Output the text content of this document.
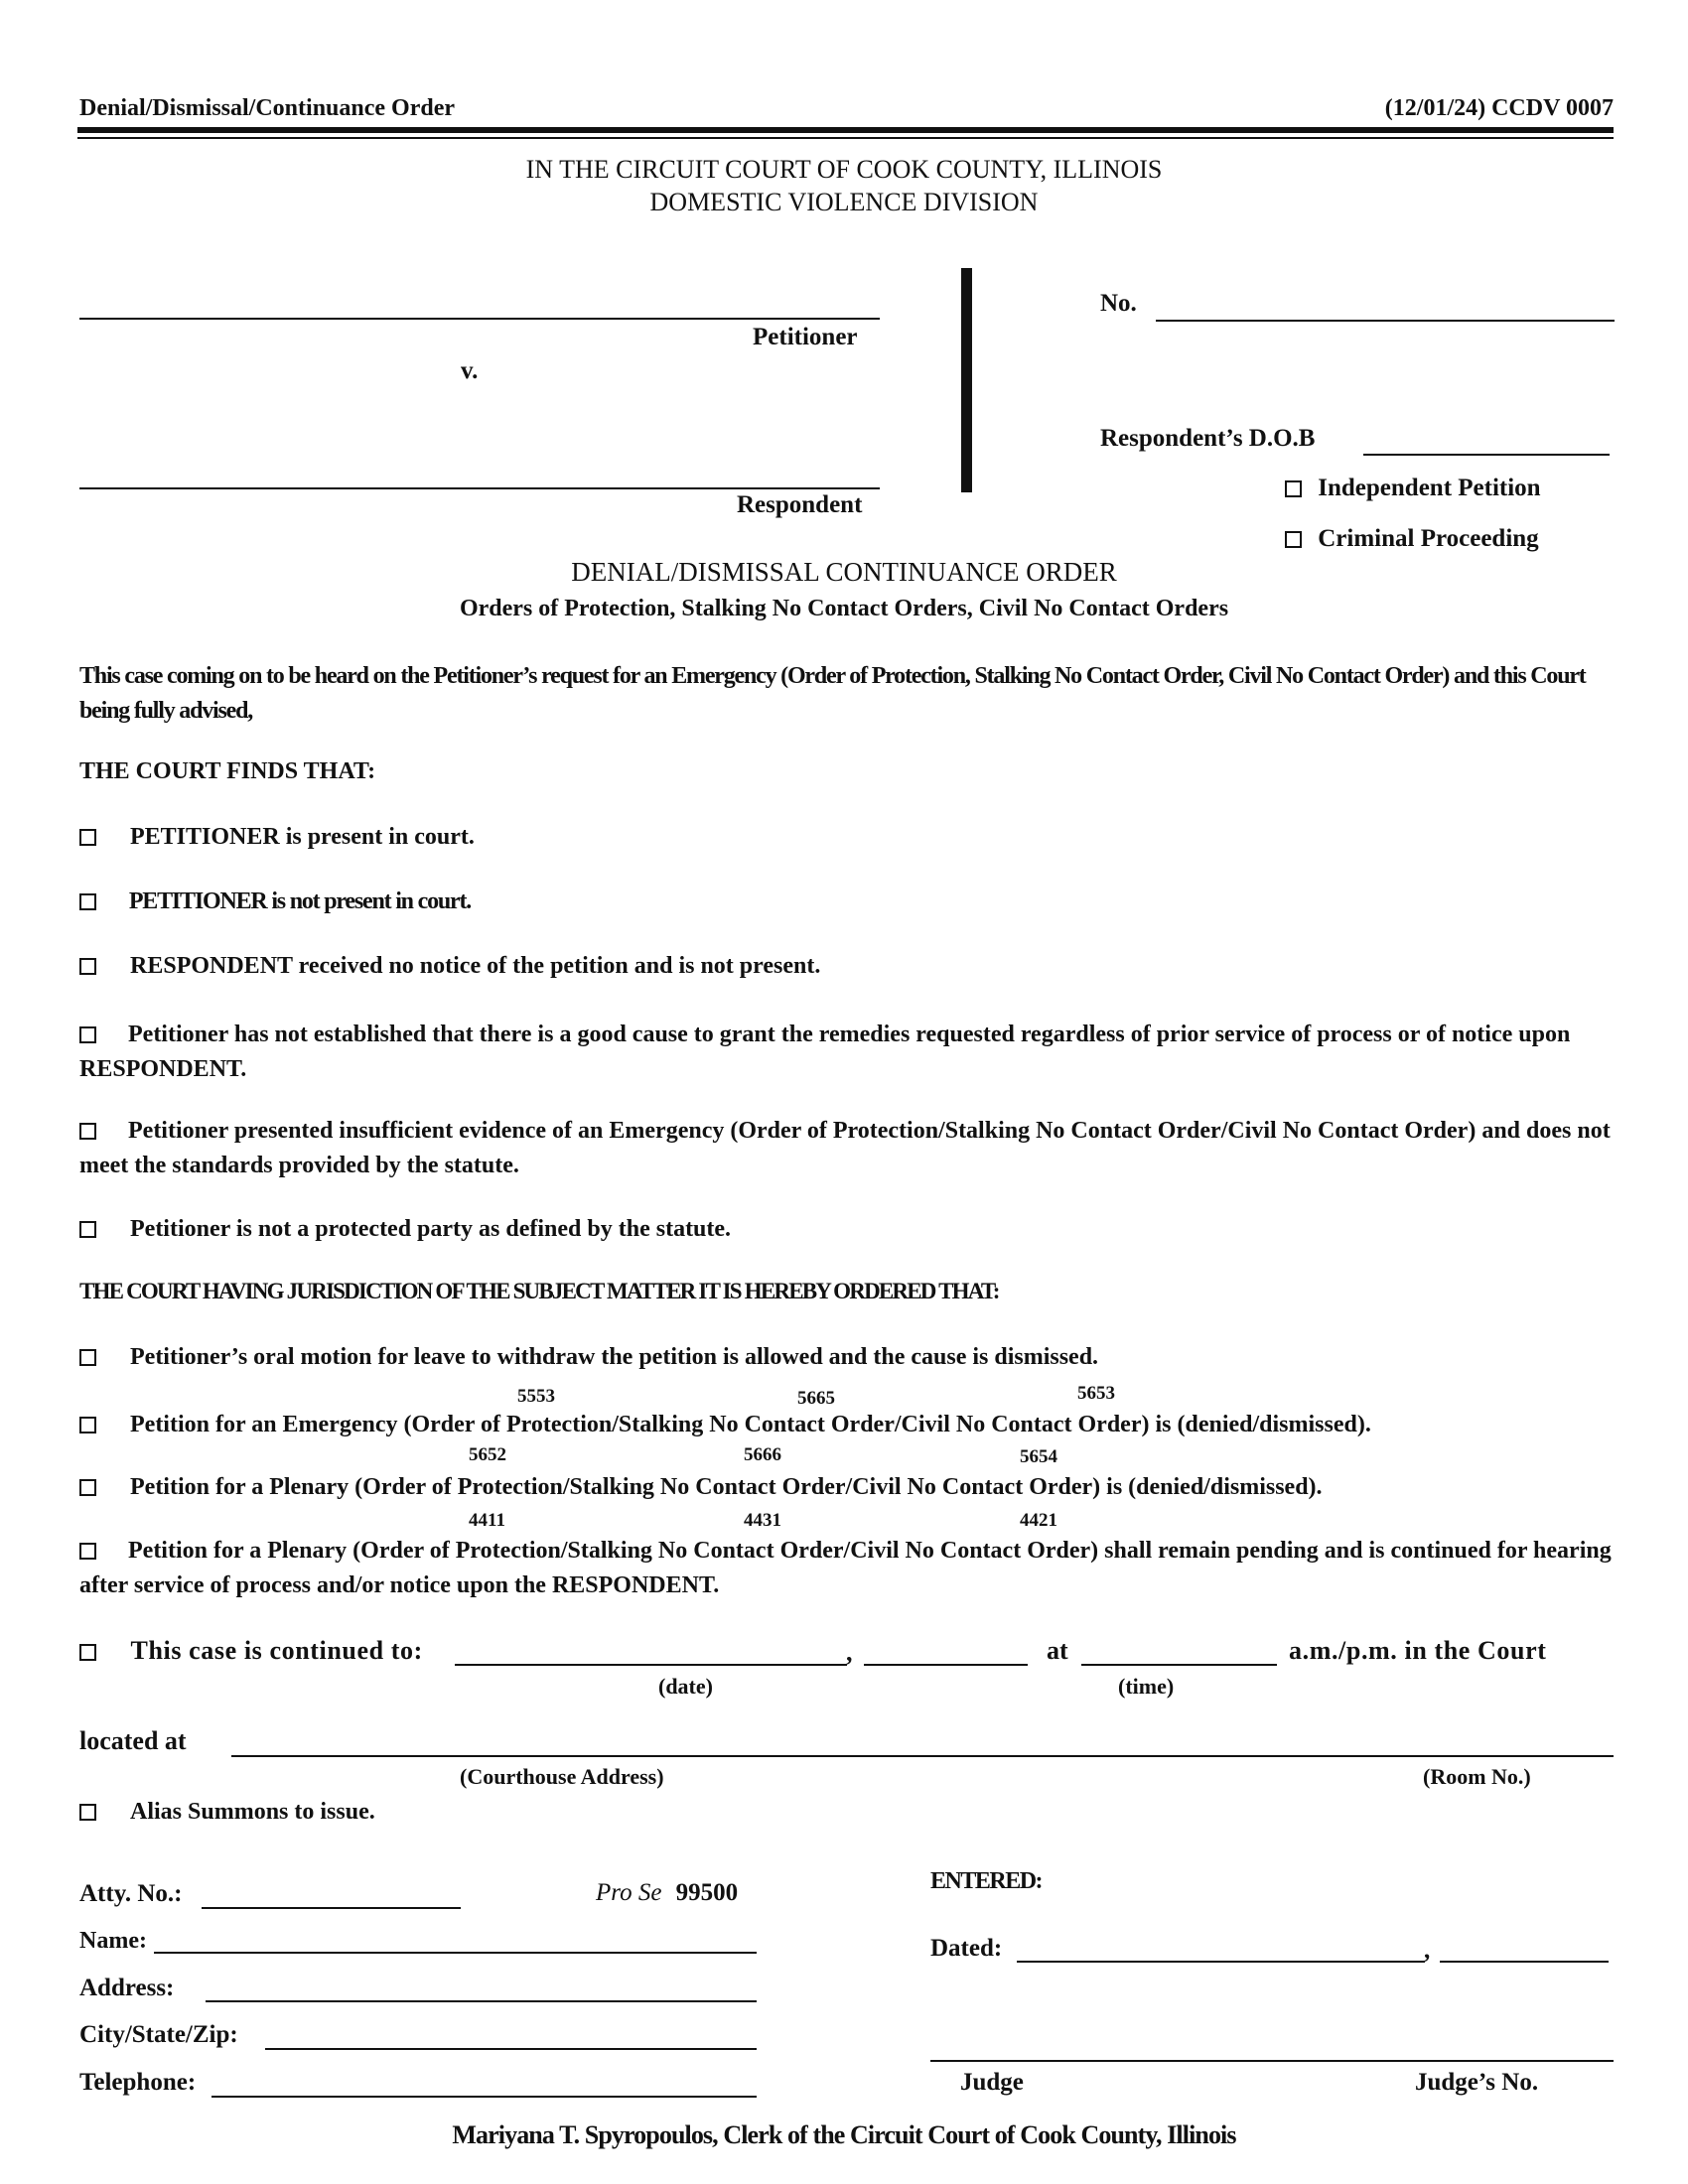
Denial/Dismissal/Continuance Order	(12/01/24) CCDV 0007
IN THE CIRCUIT COURT OF COOK COUNTY, ILLINOIS
DOMESTIC VIOLENCE DIVISION
Petitioner
v.
Respondent
No.
Respondent’s D.O.B
Independent Petition
Criminal Proceeding
DENIAL/DISMISSAL CONTINUANCE ORDER
Orders of Protection, Stalking No Contact Orders, Civil No Contact Orders
This case coming on to be heard on the Petitioner’s request for an Emergency (Order of Protection, Stalking No Contact Order, Civil No Contact Order) and this Court being fully advised,
THE COURT FINDS THAT:
PETITIONER is present in court.
PETITIONER is not present in court.
RESPONDENT received no notice of the petition and is not present.
Petitioner has not established that there is a good cause to grant the remedies requested regardless of prior service of process or of notice upon RESPONDENT.
Petitioner presented insufficient evidence of an Emergency (Order of Protection/Stalking No Contact Order/Civil No Contact Order) and does not meet the standards provided by the statute.
Petitioner is not a protected party as defined by the statute.
THE COURT HAVING JURISDICTION OF THE SUBJECT MATTER IT IS HEREBY ORDERED THAT:
Petitioner’s oral motion for leave to withdraw the petition is allowed and the cause is dismissed.
5553	5665	5653
Petition for an Emergency (Order of Protection/Stalking No Contact Order/Civil No Contact Order) is (denied/dismissed).
5652	5666	5654
Petition for a Plenary (Order of Protection/Stalking No Contact Order/Civil No Contact Order) is (denied/dismissed).
4411	4431	4421
Petition for a Plenary (Order of Protection/Stalking No Contact Order/Civil No Contact Order) shall remain pending and is continued for hearing after service of process and/or notice upon the RESPONDENT.
This case is continued to:	,	at	a.m./p.m. in the Court
(date)	(time)
located at
(Courthouse Address)	(Room No.)
Alias Summons to issue.
Atty. No.:	Pro Se 99500
Name:
Address:
City/State/Zip:
Telephone:
ENTERED:
Dated:	,
Judge	Judge’s No.
Mariyana T. Spyropoulos, Clerk of the Circuit Court of Cook County, Illinois
